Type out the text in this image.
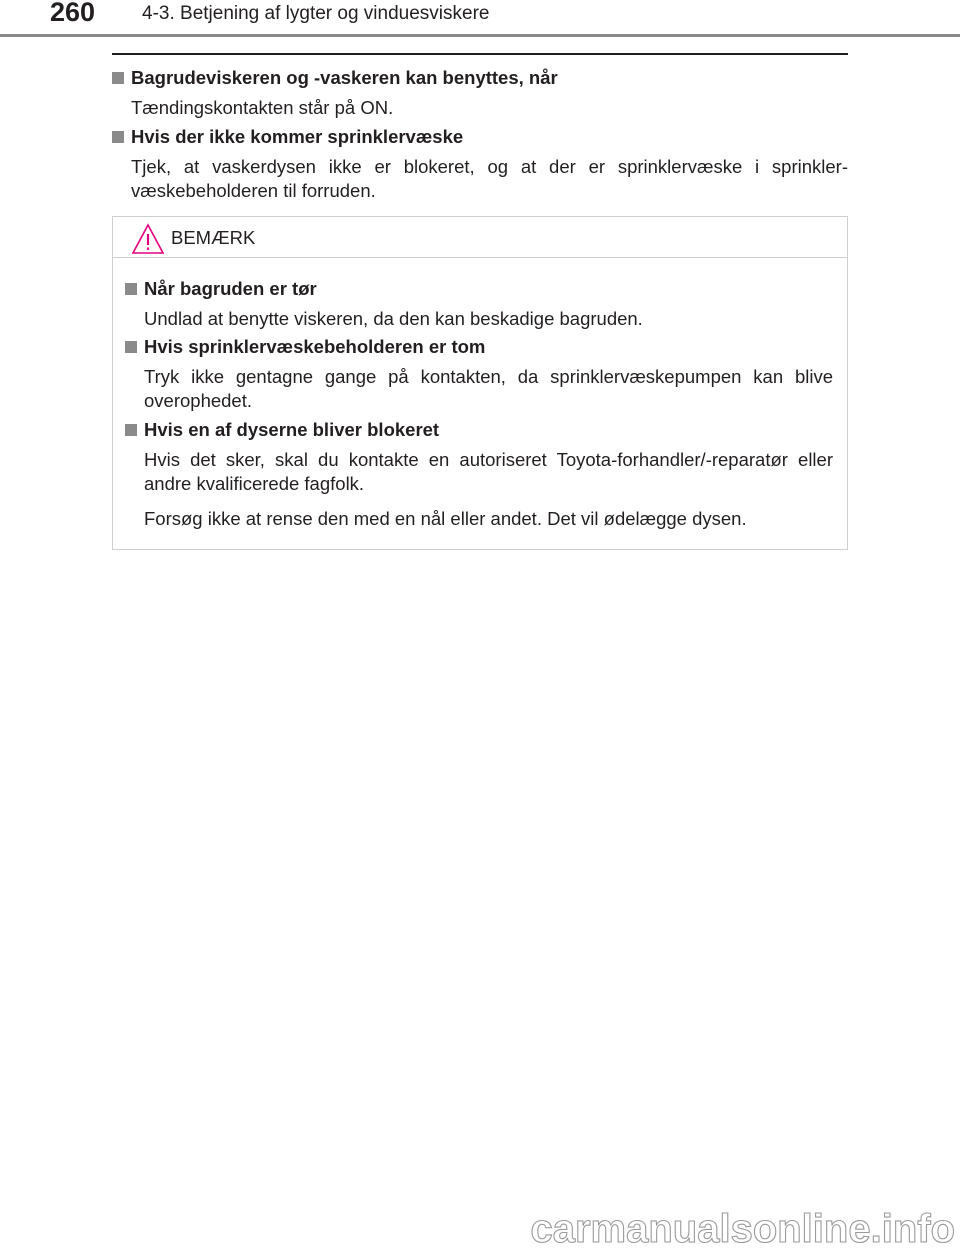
260 4-3. Betjening af lygter og vinduesviskere
Bagrudeviskeren og -vaskeren kan benyttes, når
Tændingskontakten står på ON.
Hvis der ikke kommer sprinklervæske
Tjek, at vaskerdysen ikke er blokeret, og at der er sprinklervæske i sprinkler-væskebeholderen til forruden.
BEMÆRK
Når bagruden er tør
Undlad at benytte viskeren, da den kan beskadige bagruden.
Hvis sprinklervæskebeholderen er tom
Tryk ikke gentagne gange på kontakten, da sprinklervæskepumpen kan blive overophedet.
Hvis en af dyserne bliver blokeret
Hvis det sker, skal du kontakte en autoriseret Toyota-forhandler/-reparatør eller andre kvalificerede fagfolk.
Forsøg ikke at rense den med en nål eller andet. Det vil ødelægge dysen.
carmanualsonline.info
